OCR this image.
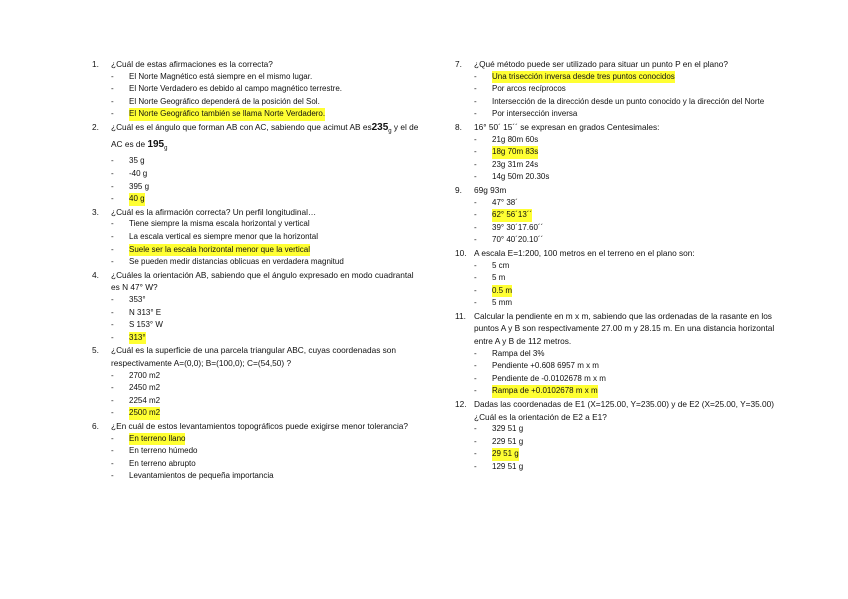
1.	¿Cuál de estas afirmaciones es la correcta?
-	El Norte Magnético está siempre en el mismo lugar.
-	El Norte Verdadero es debido al campo magnético terrestre.
-	El Norte Geográfico dependerá de la posición del Sol.
-	El Norte Geográfico también se llama Norte Verdadero.
2.	¿Cuál es el ángulo que forman AB con AC, sabiendo que acimut AB $es235_g$ y el de AC es de $195_g$
-	35 g
-	-40 g
-	395 g
-	40 g
3.	¿Cuál es la afirmación correcta? Un perfil longitudinal…
-	Tiene siempre la misma escala horizontal y vertical
-	La escala vertical es siempre menor que la horizontal
-	Suele ser la escala horizontal menor que la vertical
-	Se pueden medir distancias oblicuas en verdadera magnitud
4.	¿Cuáles la orientación AB, sabiendo que el ángulo expresado en modo cuadrantal es N 47° W?
-	353°
-	N 313° E
-	S 153° W
-	313°
5.	¿Cuál es la superficie de una parcela triangular ABC, cuyas coordenadas son respectivamente A=(0,0); B=(100,0); C=(54,50) ?
-	2700 m2
-	2450 m2
-	2254 m2
-	2500 m2
6.	¿En cuál de estos levantamientos topográficos puede exigirse menor tolerancia?
-	En terreno llano
-	En terreno húmedo
-	En terreno abrupto
-	Levantamientos de pequeña importancia
7.	¿Qué método puede ser utilizado para situar un punto P en el plano?
-	Una trisección inversa desde tres puntos conocidos
-	Por arcos recíprocos
-	Intersección de la dirección desde un punto conocido y la dirección del Norte
-	Por intersección inversa
8.	16° 50´ 15´´ se expresan en grados Centesimales:
-	21g 80m 60s
-	18g 70m 83s
-	23g 31m 24s
-	14g 50m 20.30s
9.	69g 93m
-	47° 38´
-	62° 56´13´´
-	39° 30´17.60´´
-	70° 40´20.10´´
10. A escala E=1:200, 100 metros en el terreno en el plano son:
-	5 cm
-	5 m
-	0.5 m
-	5 mm
11. Calcular la pendiente en m x m, sabiendo que las ordenadas de la rasante en los puntos A y B son respectivamente 27.00 m y 28.15 m. En una distancia horizontal entre A y B de 112 metros.
-	Rampa del 3%
-	Pendiente +0.608 6957 m x m
-	Pendiente de -0.0102678 m x m
-	Rampa de +0.0102678 m x m
12. Dadas las coordenadas de E1 (X=125.00, Y=235.00) y de E2 (X=25.00, Y=35.00) ¿Cuál es la orientación de E2 a E1?
-	329 51 g
-	229 51 g
-	29 51 g
-	129 51 g
